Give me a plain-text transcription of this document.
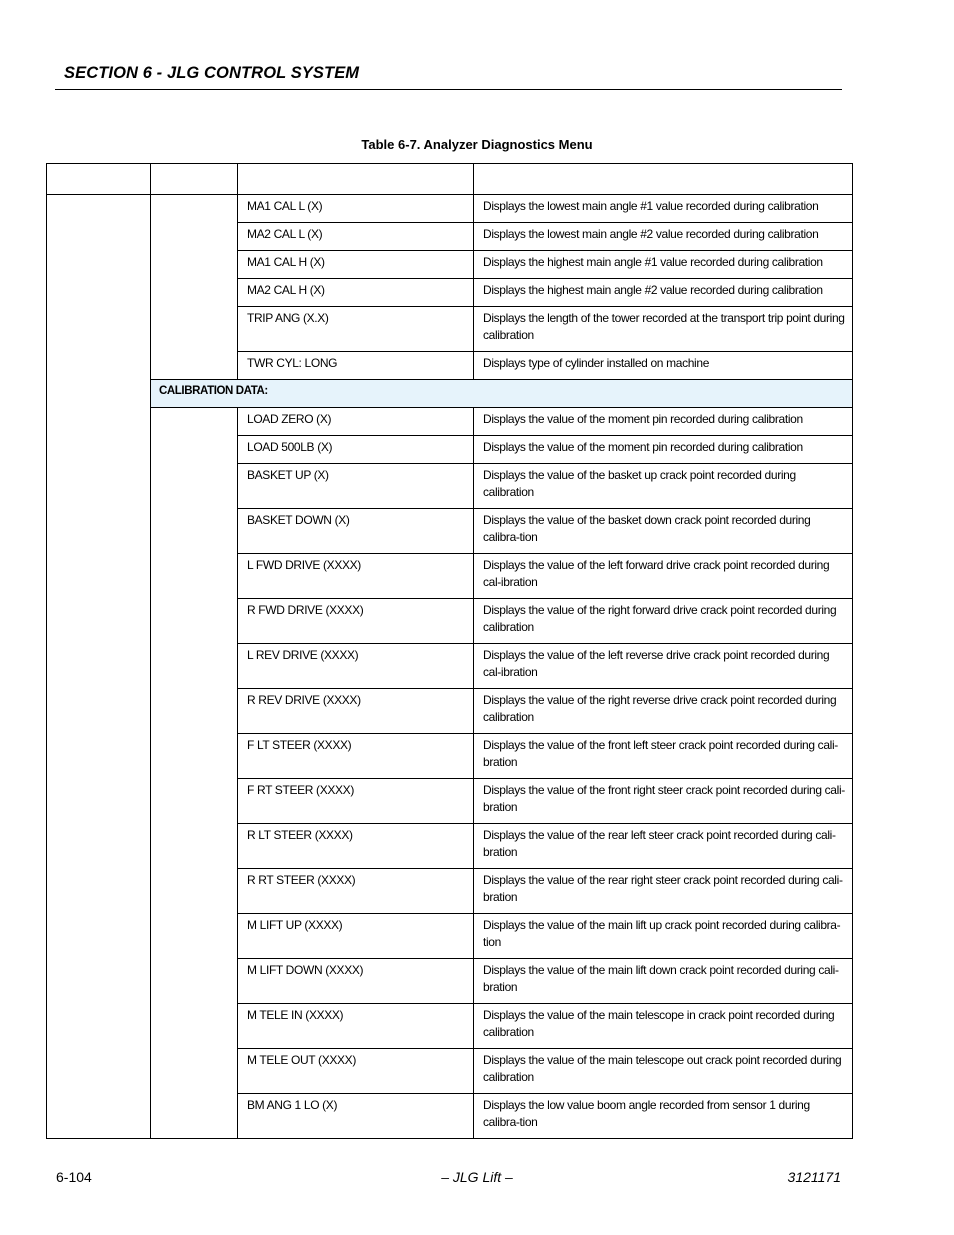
SECTION 6 - JLG CONTROL SYSTEM
Table 6-7. Analyzer Diagnostics Menu

		MA1 CAL L (X)	Displays the lowest main angle #1 value recorded during calibration

		MA2 CAL L (X)	Displays the lowest main angle #2 value recorded during calibration

		MA1 CAL H (X)	Displays the highest main angle #1 value recorded during calibration

		MA2 CAL H (X)	Displays the highest main angle #2 value recorded during calibration

		TRIP ANG (X.X)	Displays the length of the tower recorded at the transport trip point during calibration

		TWR CYL: LONG	Displays type of cylinder installed on machine

	CALIBRATION DATA:		

		LOAD ZERO (X)	Displays the value of the moment pin recorded during calibration

		LOAD 500LB (X)	Displays the value of the moment pin recorded during calibration

		BASKET UP (X)	Displays the value of the basket up crack point recorded during calibration

		BASKET DOWN (X)	Displays the value of the basket down crack point recorded during calibra-tion

		L FWD DRIVE (XXXX)	Displays the value of the left forward drive crack point recorded during cal-ibration

		R FWD DRIVE (XXXX)	Displays the value of the right forward drive crack point recorded during calibration

		L REV DRIVE (XXXX)	Displays the value of the left reverse drive crack point recorded during cal-ibration

		R REV DRIVE (XXXX)	Displays the value of the right reverse drive crack point recorded during calibration

		F LT STEER (XXXX)	Displays the value of the front left steer crack point recorded during cali-bration

		F RT STEER (XXXX)	Displays the value of the front right steer crack point recorded during cali-bration

		R LT STEER (XXXX)	Displays the value of the rear left steer crack point recorded during cali-bration

		R RT STEER (XXXX)	Displays the value of the rear right steer crack point recorded during cali-bration

		M LIFT UP (XXXX)	Displays the value of the main lift up crack point recorded during calibra-tion

		M LIFT DOWN (XXXX)	Displays the value of the main lift down crack point recorded during cali-bration

		M TELE IN (XXXX)	Displays the value of the main telescope in crack point recorded during calibration

		M TELE OUT (XXXX)	Displays the value of the main telescope out crack point recorded during calibration

		BM ANG 1 LO (X)	Displays the low value boom angle recorded from sensor 1 during calibra-tion
6-104	– JLG Lift –	3121171
